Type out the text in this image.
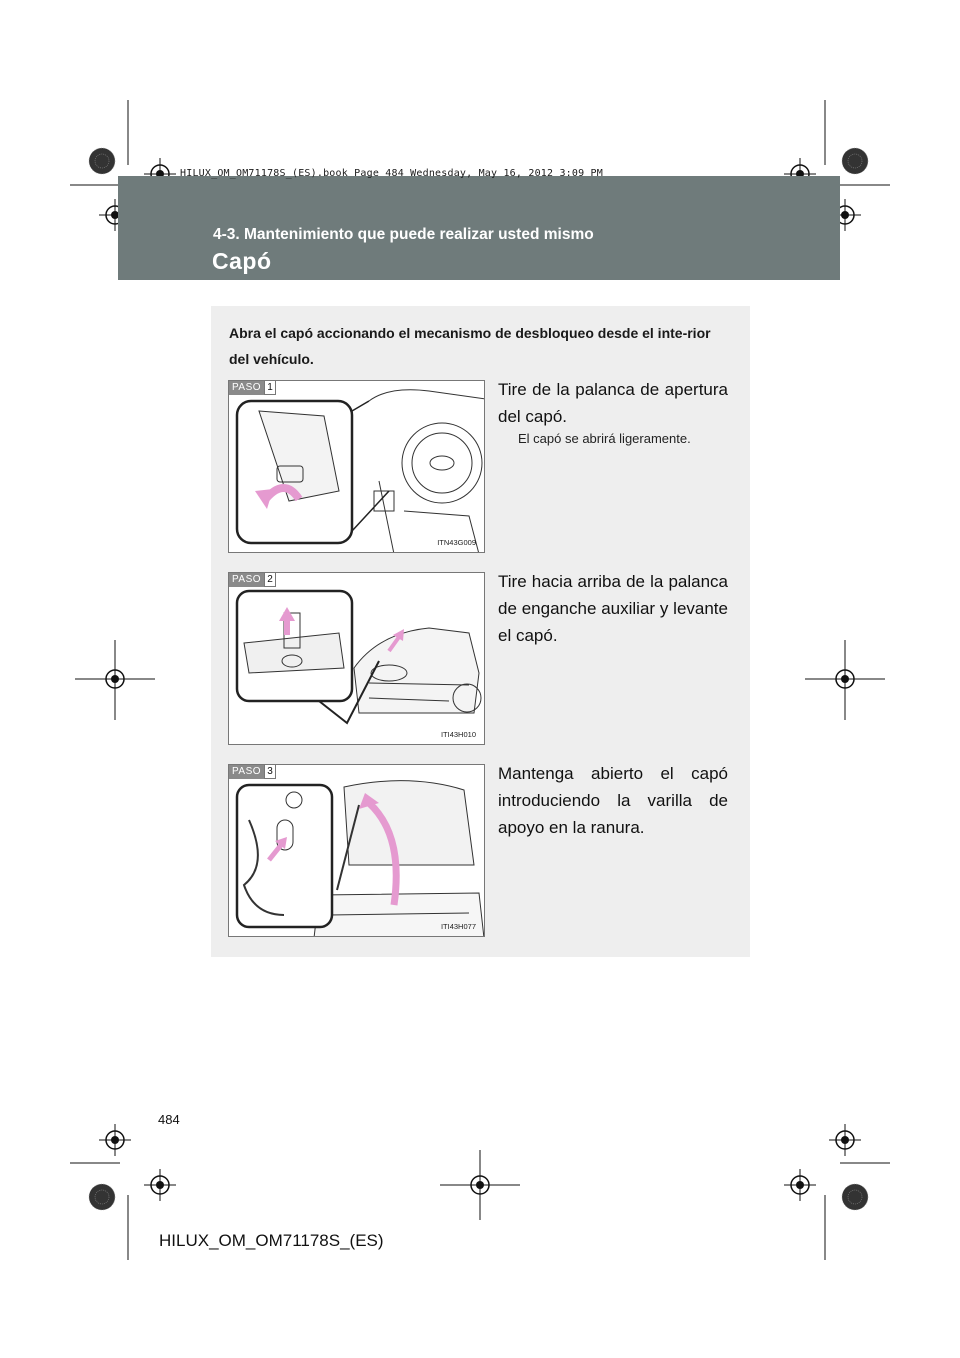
HILUX_OM_OM71178S_(ES).book Page 484 Wednesday, May 16, 2012 3:09 PM
4-3. Mantenimiento que puede realizar usted mismo
Capó
Abra el capó accionando el mecanismo de desbloqueo desde el inte-rior del vehículo.
PASO 1
ITN43G009
Tire de la palanca de apertura del capó.
El capó se abrirá ligeramente.
PASO 2
ITI43H010
Tire hacia arriba de la palanca de enganche auxiliar y levante el capó.
PASO 3
ITI43H077
Mantenga abierto el capó introduciendo la varilla de apoyo en la ranura.
484
HILUX_OM_OM71178S_(ES)
